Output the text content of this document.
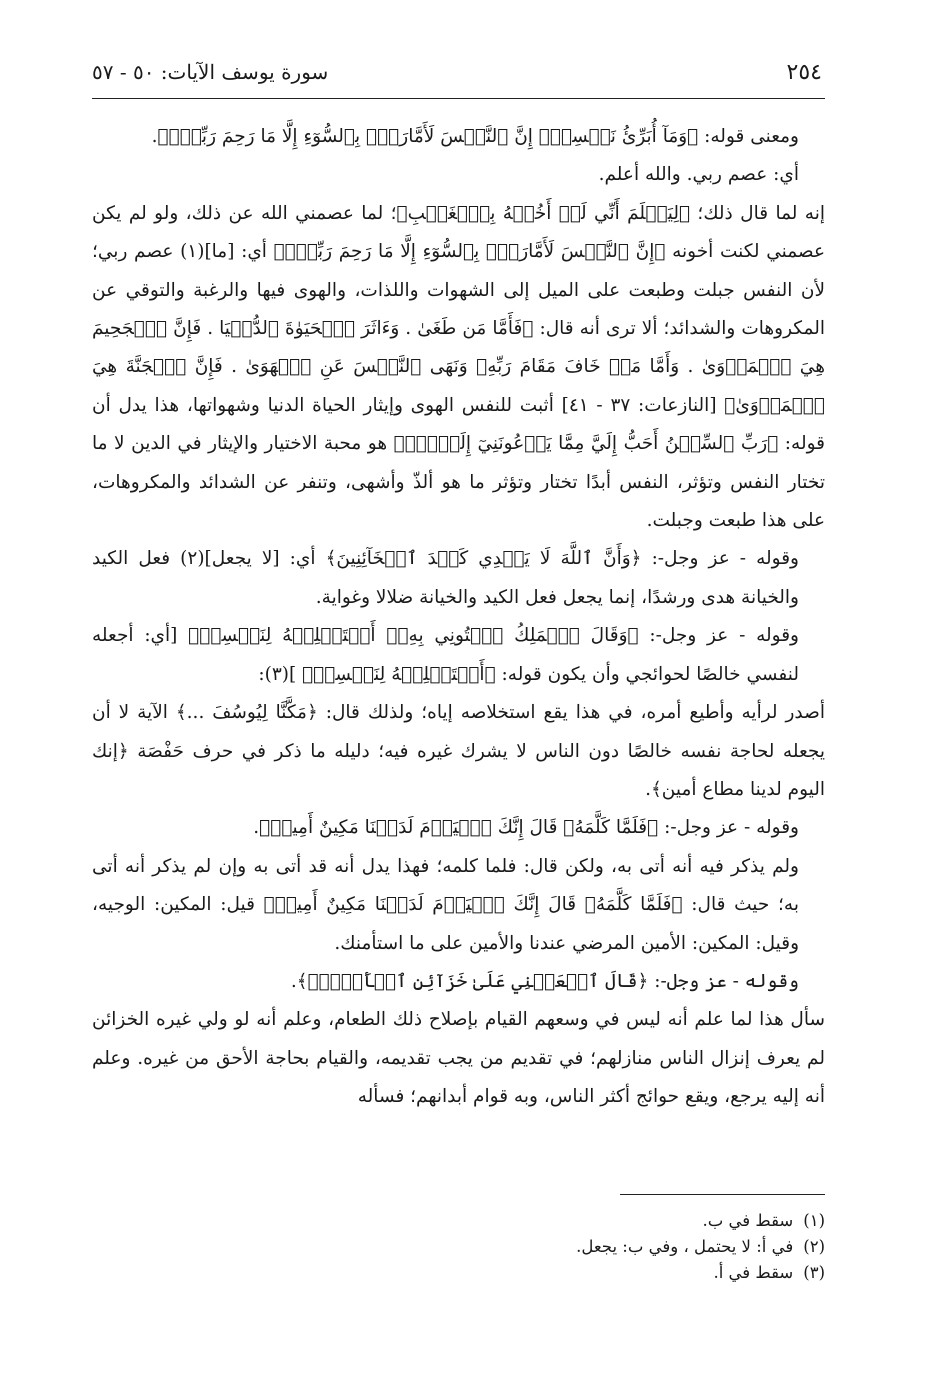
٢٥٤
سورة يوسف الآيات: ٥٠ - ٥٧

ومعنى قوله: ﴿وَمَآ أُبَرِّئُ نَفۡسِيٓۚ إِنَّ ٱلنَّفۡسَ لَأَمَّارَةُۢ بِٱلسُّوٓءِ إِلَّا مَا رَحِمَ رَبِّيٓۚ﴾.

أي: عصم ربي. والله أعلم.

إنه لما قال ذلك؛ ﴿لِيَعۡلَمَ أَنِّي لَمۡ أَخُنۡهُ بِٱلۡغَيۡبِ﴾؛ لما عصمني الله عن ذلك، ولو لم يكن عصمني لكنت أخونه ﴿إِنَّ ٱلنَّفۡسَ لَأَمَّارَةُۢ بِٱلسُّوٓءِ إِلَّا مَا رَحِمَ رَبِّيٓۚ﴾ أي: [ما](١) عصم ربي؛ لأن النفس جبلت وطبعت على الميل إلى الشهوات واللذات، والهوى فيها والرغبة والتوقي عن المكروهات والشدائد؛ ألا ترى أنه قال: ﴿فَأَمَّا مَن طَغَىٰ . وَءَاثَرَ ٱلۡحَيَوٰةَ ٱلدُّنۡيَا . فَإِنَّ ٱلۡجَحِيمَ هِيَ ٱلۡمَأۡوَىٰ . وَأَمَّا مَنۡ خَافَ مَقَامَ رَبِّهِۦ وَنَهَى ٱلنَّفۡسَ عَنِ ٱلۡهَوَىٰ . فَإِنَّ ٱلۡجَنَّةَ هِيَ ٱلۡمَأۡوَىٰ﴾ [النازعات: ٣٧ - ٤١] أثبت للنفس الهوى وإيثار الحياة الدنيا وشهواتها، هذا يدل أن قوله: ﴿رَبِّ ٱلسِّجۡنُ أَحَبُّ إِلَيَّ مِمَّا يَدۡعُونَنِيٓ إِلَيۡهِۖ﴾ هو محبة الاختيار والإيثار في الدين لا ما تختار النفس وتؤثر، النفس أبدًا تختار وتؤثر ما هو ألذّ وأشهى، وتنفر عن الشدائد والمكروهات، على هذا طبعت وجبلت.

وقوله - عز وجل-: ﴿وَأَنَّ ٱللَّهَ لَا يَهۡدِي كَيۡدَ ٱلۡخَآئِنِينَ﴾ أي: [لا يجعل](٢) فعل الكيد والخيانة هدى ورشدًا، إنما يجعل فعل الكيد والخيانة ضلالا وغواية.

وقوله - عز وجل-: ﴿وَقَالَ ٱلۡمَلِكُ ٱئۡتُونِي بِهِۦٓ أَسۡتَخۡلِصۡهُ لِنَفۡسِيۖ﴾ [أي: أجعله لنفسي خالصًا لحوائجي وأن يكون قوله: ﴿أَسۡتَخۡلِصۡهُ لِنَفۡسِيۖ﴾ ](٣):

أصدر لرأيه وأطيع أمره، في هذا يقع استخلاصه إياه؛ ولذلك قال: ﴿مَكَّنَّا لِيُوسُفَ ...﴾ الآية لا أن يجعله لحاجة نفسه خالصًا دون الناس لا يشرك غيره فيه؛ دليله ما ذكر في حرف حَفْصَة ﴿إنك اليوم لدينا مطاع أمين﴾.

وقوله - عز وجل-: ﴿فَلَمَّا كَلَّمَهُۥ قَالَ إِنَّكَ ٱلۡيَوۡمَ لَدَيۡنَا مَكِينٌ أَمِينٞ﴾.

ولم يذكر فيه أنه أتى به، ولكن قال: فلما كلمه؛ فهذا يدل أنه قد أتى به وإن لم يذكر أنه أتى به؛ حيث قال: ﴿فَلَمَّا كَلَّمَهُۥ قَالَ إِنَّكَ ٱلۡيَوۡمَ لَدَيۡنَا مَكِينٌ أَمِينٞ﴾ قيل: المكين: الوجيه، وقيل: المكين: الأمين المرضي عندنا والأمين على ما استأمنك.

وقوله - عز وجل-: ﴿قَالَ ٱجۡعَلۡنِي عَلَىٰ خَزَآئِنِ ٱلۡأَرۡضِۖ﴾.

سأل هذا لما علم أنه ليس في وسعهم القيام بإصلاح ذلك الطعام، وعلم أنه لو ولي غيره الخزائن لم يعرف إنزال الناس منازلهم؛ في تقديم من يجب تقديمه، والقيام بحاجة الأحق من غيره. وعلم أنه إليه يرجع، ويقع حوائج أكثر الناس، وبه قوام أبدانهم؛ فسأله

(١)سقط في ب.
(٢)في أ: لا يحتمل ، وفي ب: يجعل.
(٣)سقط في أ.
